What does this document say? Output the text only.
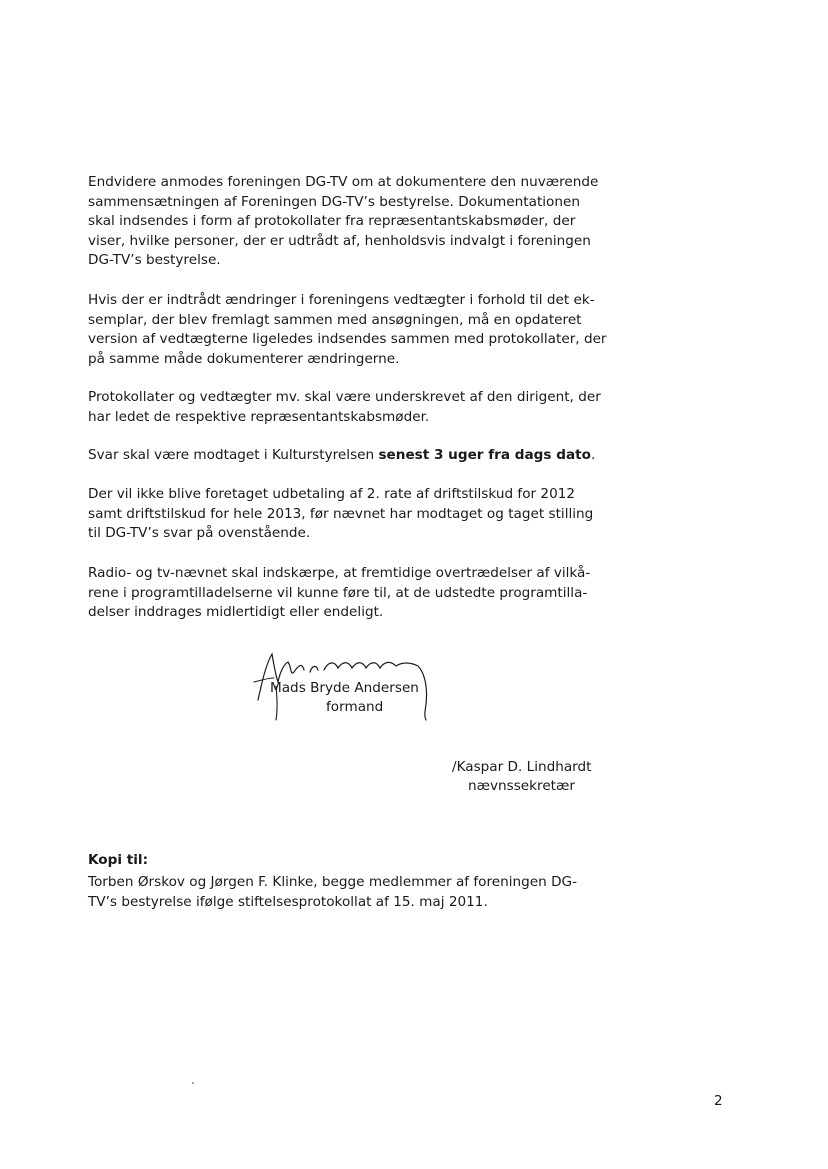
Endvidere anmodes foreningen DG-TV om at dokumentere den nuværende
sammensætningen af Foreningen DG-TV’s bestyrelse. Dokumentationen
skal indsendes i form af protokollater fra repræsentantskabsmøder, der
viser, hvilke personer, der er udtrådt af, henholdsvis indvalgt i foreningen
DG-TV’s bestyrelse.

Hvis der er indtrådt ændringer i foreningens vedtægter i forhold til det ek-
semplar, der blev fremlagt sammen med ansøgningen, må en opdateret
version af vedtægterne ligeledes indsendes sammen med protokollater, der
på samme måde dokumenterer ændringerne.

Protokollater og vedtægter mv. skal være underskrevet af den dirigent, der
har ledet de respektive repræsentantskabsmøder.

Svar skal være modtaget i Kulturstyrelsen senest 3 uger fra dags dato.

Der vil ikke blive foretaget udbetaling af 2. rate af driftstilskud for 2012
samt driftstilskud for hele 2013, før nævnet har modtaget og taget stilling
til DG-TV’s svar på ovenstående.

Radio- og tv-nævnet skal indskærpe, at fremtidige overtrædelser af vilkå-
rene i programtilladelserne vil kunne føre til, at de udstedte programtilla-
delser inddrages midlertidigt eller endeligt.

Mads Bryde Andersen
formand
/Kaspar D. Lindhardt
nævnssekretær
Kopi til:

Torben Ørskov og Jørgen F. Klinke, begge medlemmer af foreningen DG-
TV’s bestyrelse ifølge stiftelsesprotokollat af 15. maj 2011.

2
